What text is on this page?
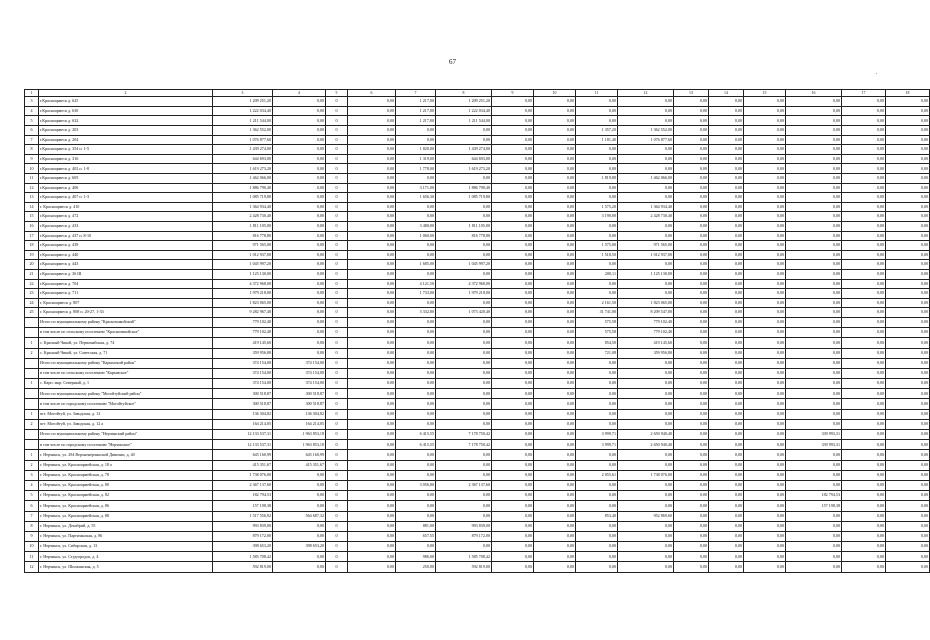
67
.
1	2	3	4	5	6	7	8	9	10	11	12	13	14	15	16	17	18
3	г.Красноармеск д. 625	1 209 251,20	0,00	0	0,00	1 217,00	1 209 251,20	0,00	0,00	0,00	0,00	0,00	0,00	0,00	0,00	0,00	0,00
4	г.Красноармеск д. 630	1 222 034,40	0,00	0	0,00	1 217,00	1 222 034,40	0,00	0,00	0,00	0,00	0,00	0,00	0,00	0,00	0,00	0,00
5	г.Красноармеск д. 632	1 211 544,00	0,00	0	0,00	1 217,00	1 211 544,00	0,00	0,00	0,00	0,00	0,00	0,00	0,00	0,00	0,00	0,00
6	г.Красноармеск д. 203	1 362 552,00	0,00	0	0,00	0,00	0,00	0,00	0,00	1 357,20	1 362 552,00	0,00	0,00	0,00	0,00	0,00	0,00
7	г.Красноармеск д. 204	1 076 877,60	0,00	0	0,00	0,00	0,00	0,00	0,00	1 181,40	1 076 877,60	0,00	0,00	0,00	0,00	0,00	0,00
8	г.Красноармеск д. 354 п. 1-5	1 439 274,00	0,00	0	0,00	1 820,00	1 439 274,00	0,00	0,00	0,00	0,00	0,00	0,00	0,00	0,00	0,00	0,00
9	г.Красноармеск д. 316	644 693,00	0,00	0	0,00	1 319,00	644 693,00	0,00	0,00	0,00	0,00	0,00	0,00	0,00	0,00	0,00	0,00
10	г.Красноармеск д. 402 п. 1-8	1 619 273,20	0,00	0	0,00	1 778,00	1 619 273,20	0,00	0,00	0,00	0,00	0,00	0,00	0,00	0,00	0,00	0,00
11	г.Красноармеск д. 605	1 462 066,00	0,00	0	0,00	0,00	0,00	0,00	0,00	1 819,80	1 462 066,00	0,00	0,00	0,00	0,00	0,00	0,00
12	г.Красноармеск д. 406	1 886 790,40	0,00	0	0,00	3 171,00	1 886 790,40	0,00	0,00	0,00	0,00	0,00	0,00	0,00	0,00	0,00	0,00
13	г.Красноармеск д. 407 п. 1-3	1 085 719,80	0,00	0	0,00	1 656,30	1 085 719,80	0,00	0,00	0,00	0,00	0,00	0,00	0,00	0,00	0,00	0,00
14	г. Красноармеск д. 410	1 364 934,40	0,00	0	0,00	0,00	0,00	0,00	0,00	1 575,20	1 364 934,40	0,00	0,00	0,00	0,00	0,00	0,00
15	г.Красноармеск д. 472	2 428 730,40	0,00	0	0,00	0,00	0,00	0,00	0,00	3 190,00	2 428 730,40	0,00	0,00	0,00	0,00	0,00	0,00
16	г.Красноармеск д. 433	1 811 105,00	0,00	0	0,00	3 480,00	1 811 105,00	0,00	0,00	0,00	0,00	0,00	0,00	0,00	0,00	0,00	0,00
17	г.Красноармеск д. 437 п. 8-10	816 778,80	0,00	0	0,00	1 060,00	816 778,80	0,00	0,00	0,00	0,00	0,00	0,00	0,00	0,00	0,00	0,00
18	г.Красноармеск д. 439	971 565,00	0,00	0	0,00	0,00	0,00	0,00	0,00	1 575,00	971 565,00	0,00	0,00	0,00	0,00	0,00	0,00
19	г.Красноармеск д. 440	1 012 937,00	0,00	0	0,00	0,00	0,00	0,00	0,00	1 518,50	1 012 937,00	0,00	0,00	0,00	0,00	0,00	0,00
20	г.Красноармеск д. 443	1 045 997,20	0,00	0	0,00	1 685,00	1 045 997,20	0,00	0,00	0,00	0,00	0,00	0,00	0,00	0,00	0,00	0,00
21	г.Красноармеск д. 36 Ш	1 125 130,00	0,00	0	0,00	0,00	0,00	0,00	0,00	200,11	1 125 130,00	0,00	0,00	0,00	0,00	0,00	0,00
22	г.Красноармеск д. 704	4 372 968,00	0,00	0	0,00	4 121,50	4 372 968,00	0,00	0,00	0,00	0,00	0,00	0,00	0,00	0,00	0,00	0,00
23	г.Красноармеск д. 711	1 979 218,00	0,00	0	0,00	1 733,00	1 979 218,00	0,00	0,00	0,00	0,00	0,00	0,00	0,00	0,00	0,00	0,00
24	г. Красноармеск д. 807	1 823 065,00	0,00	0	0,00	0,00	0,00	0,00	0,00	2 161,50	1 823 065,00	0,00	0,00	0,00	0,00	0,00	0,00
25	г. Красноармеск д. 808 п. 20-27, 1-33	9 282 967,40	0,00	0	0,00	3 332,80	1 073 420,40	0,00	0,00	31 741,00	8 209 547,00	0,00	0,00	0,00	0,00	0,00	0,00
	Итого по муниципальному району "Красночикойский"	779 102,40	0,00	0	0,00	0,00	0,00	0,00	0,00	575,58	779 102,40	0,00	0,00	0,00	0,00	0,00	0,00
	в том числе по сельскому поселению "Красночикойское"	779 102,40	0,00	0	0,00	0,00	0,00	0,00	0,00	575,58	779 102,40	0,00	0,00	0,00	0,00	0,00	0,00
1	с. Красный Чикой, ул. Первомайская, д. 74	419 145,60	0,00	0	0,00	0,00	0,00	0,00	0,00	854,50	419 145,60	0,00	0,00	0,00	0,00	0,00	0,00
2	с. Красный Чикой, ул. Советская, д. 71	359 956,80	0,00	0	0,00	0,00	0,00	0,00	0,00	721,08	359 956,80	0,00	0,00	0,00	0,00	0,00	0,00
	Итого по муниципальному району "Карымский район"	374 154,00	374 154,00	0	0,00	0,00	0,00	0,00	0,00	0,00	0,00	0,00	0,00	0,00	0,00	0,00	0,00
	в том числе по сельскому поселению "Карымское"	374 154,00	374 154,00	0	0,00	0,00	0,00	0,00	0,00	0,00	0,00	0,00	0,00	0,00	0,00	0,00	0,00
1	с. Карп. мкр. Северный, д. 1	374 154,00	374 154,00	0	0,00	0,00	0,00	0,00	0,00	0,00	0,00	0,00	0,00	0,00	0,00	0,00	0,00
	Итого по муниципальному району "Могойтуйский район"	300 518,87	300 518,87	0	0,00	0,00	0,00	0,00	0,00	0,00	0,00	0,00	0,00	0,00	0,00	0,00	0,00
	в том числе по городскому поселению "Могойтуйское"	300 518,87	300 518,87	0	0,00	0,00	0,00	0,00	0,00	0,00	0,00	0,00	0,00	0,00	0,00	0,00	0,00
1	пгт. Могойтуй, ул. Заводская, д. 12	136 304,82	136 304,82	0	0,00	0,00	0,00	0,00	0,00	0,00	0,00	0,00	0,00	0,00	0,00	0,00	0,00
2	пгт. Могойтуй, ул. Заводская, д. 12 а	164 214,05	164 214,05	0	0,00	0,00	0,00	0,00	0,00	0,00	0,00	0,00	0,00	0,00	0,00	0,00	0,00
	Итого по муниципальному району "Нерчинский район"	12 133 537,31	1 963 853,18	0	0,00	6 415,55	7 178 750,42	0,00	0,00	3 999,71	2 650 940,40	0,00	0,00	0,00	339 993,31	0,00	0,00
	в том числе по городскому поселению "Нерчинское"	12 133 537,31	1 963 853,18	0	0,00	6 415,55	7 178 750,42	0,00	0,00	3 999,71	2 650 940,40	0,00	0,00	0,00	339 993,31	0,00	0,00
1	г. Нерчинск, ул. 294 Верхненерчинской Дивизии, д. 40	645 160,99	645 160,99	0	0,00	0,00	0,00	0,00	0,00	0,00	0,00	0,00	0,00	0,00	0,00	0,00	0,00
2	г. Нерчинск, ул. Красноармейская, д. 18 а	415 351,67	415 351,67	0	0,00	0,00	0,00	0,00	0,00	0,00	0,00	0,00	0,00	0,00	0,00	0,00	0,00
3	г. Нерчинск, ул. Красноармейская, д. 78	1 738 076,00	0,00	0	0,00	0,00	0,00	0,00	0,00	2 055,61	1 738 076,00	0,00	0,00	0,00	0,00	0,00	0,00
4	г. Нерчинск, ул. Красноармейская, д. 80	2 367 137,60	0,00	0	0,00	3 056,80	2 367 137,60	0,00	0,00	0,00	0,00	0,00	0,00	0,00	0,00	0,00	0,00
5	г. Нерчинск, ул. Красноармейская, д. 82	182 794,53	0,00	0	0,00	0,00	0,00	0,00	0,00	0,00	0,00	0,00	0,00	0,00	182 794,53	0,00	0,00
6	г. Нерчинск, ул. Красноармейская, д. 86	157 198,38	0,00	0	0,00	0,00	0,00	0,00	0,00	0,00	0,00	0,00	0,00	0,00	157 198,38	0,00	0,00
7	г. Нерчинск, ул. Красноармейская, д. 88	1 517 556,92	564 687,32	0	0,00	0,00	0,00	0,00	0,00	853,40	952 869,60	0,00	0,00	0,00	0,00	0,00	0,00
8	г. Нерчинск, ул. Декабрий, д. 55	993 839,00	0,00	0	0,00	881,00	993 839,00	0,00	0,00	0,00	0,00	0,00	0,00	0,00	0,00	0,00	0,00
9	г. Нерчинск, ул. Партизанская, д. 86	879 172,00	0,00	0	0,00	657,55	879 172,00	0,00	0,00	0,00	0,00	0,00	0,00	0,00	0,00	0,00	0,00
10	г. Нерчинск, ул. Сибирская, д. 13	398 653,20	398 653,20	0	0,00	0,00	0,00	0,00	0,00	0,00	0,00	0,00	0,00	0,00	0,00	0,00	0,00
11	г. Нерчинск, ул. Студгородок, д. 4	1 585 708,42	0,00	0	0,00	986,00	1 585 708,42	0,00	0,00	0,00	0,00	0,00	0,00	0,00	0,00	0,00	0,00
12	г. Нерчинск, ул. Шилкинская, д. 5	592 819,00	0,00	0	0,00	250,00	592 819,00	0,00	0,00	0,00	0,00	0,00	0,00	0,00	0,00	0,00	0,00
